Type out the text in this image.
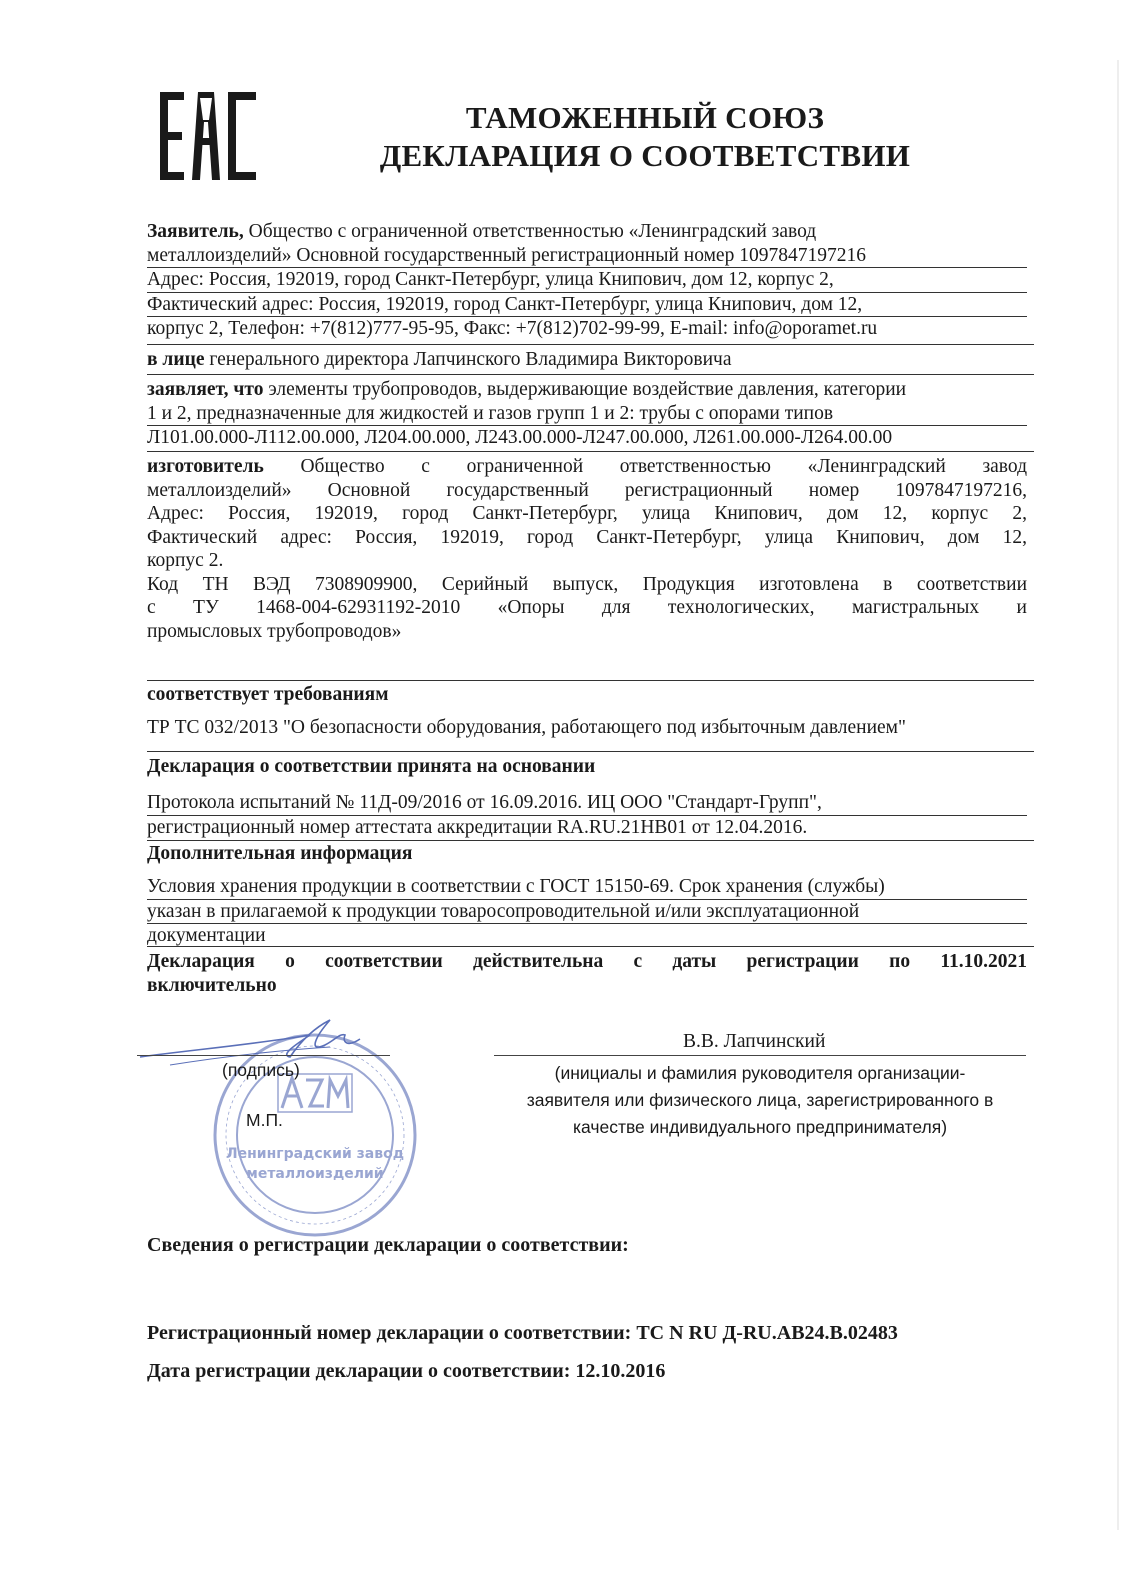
ТАМОЖЕННЫЙ СОЮЗ
ДЕКЛАРАЦИЯ О СООТВЕТСТВИИ
Заявитель, Общество с ограниченной ответственностью «Ленинградский завод
металлоизделий» Основной государственный регистрационный номер 1097847197216
Адрес: Россия, 192019, город Санкт-Петербург, улица Книпович, дом 12, корпус 2,
Фактический адрес: Россия, 192019, город Санкт-Петербург, улица Книпович, дом 12,
корпус 2, Телефон: +7(812)777-95-95, Факс: +7(812)702-99-99, E-mail: info@oporamet.ru
в лице генерального директора Лапчинского Владимира Викторовича
заявляет, что элементы трубопроводов, выдерживающие воздействие давления, категории
1 и 2, предназначенные для жидкостей и газов групп 1 и 2: трубы с опорами типов
Л101.00.000-Л112.00.000, Л204.00.000, Л243.00.000-Л247.00.000, Л261.00.000-Л264.00.00
изготовитель Общество с ограниченной ответственностью «Ленинградский завод
металлоизделий» Основной государственный регистрационный номер 1097847197216,
Адрес: Россия, 192019, город Санкт-Петербург, улица Книпович, дом 12, корпус 2,
Фактический адрес: Россия, 192019, город Санкт-Петербург, улица Книпович, дом 12,
корпус 2.
Код ТН ВЭД 7308909900, Серийный выпуск, Продукция изготовлена в соответствии
с ТУ 1468-004-62931192-2010 «Опоры для технологических, магистральных и
промысловых трубопроводов»
соответствует требованиям
ТР ТС 032/2013 "О безопасности оборудования, работающего под избыточным давлением"
Декларация о соответствии принята на основании
Протокола испытаний № 11Д-09/2016 от 16.09.2016. ИЦ ООО "Стандарт-Групп",
регистрационный номер аттестата аккредитации RA.RU.21НВ01 от 12.04.2016.
Дополнительная информация
Условия хранения продукции в соответствии с ГОСТ 15150-69. Срок хранения (службы)
указан в прилагаемой к продукции товаросопроводительной и/или эксплуатационной
документации
Декларация о соответствии действительна с даты регистрации по 11.10.2021
включительно
Ленинградский завод
металлоизделий
В.В. Лапчинский
(подпись)
М.П.
(инициалы и фамилия руководителя организации-
заявителя или физического лица, зарегистрированного в
качестве индивидуального предпринимателя)
Сведения о регистрации декларации о соответствии:
Регистрационный номер декларации о соответствии: ТС N RU Д-RU.AB24.B.02483
Дата регистрации декларации о соответствии: 12.10.2016
